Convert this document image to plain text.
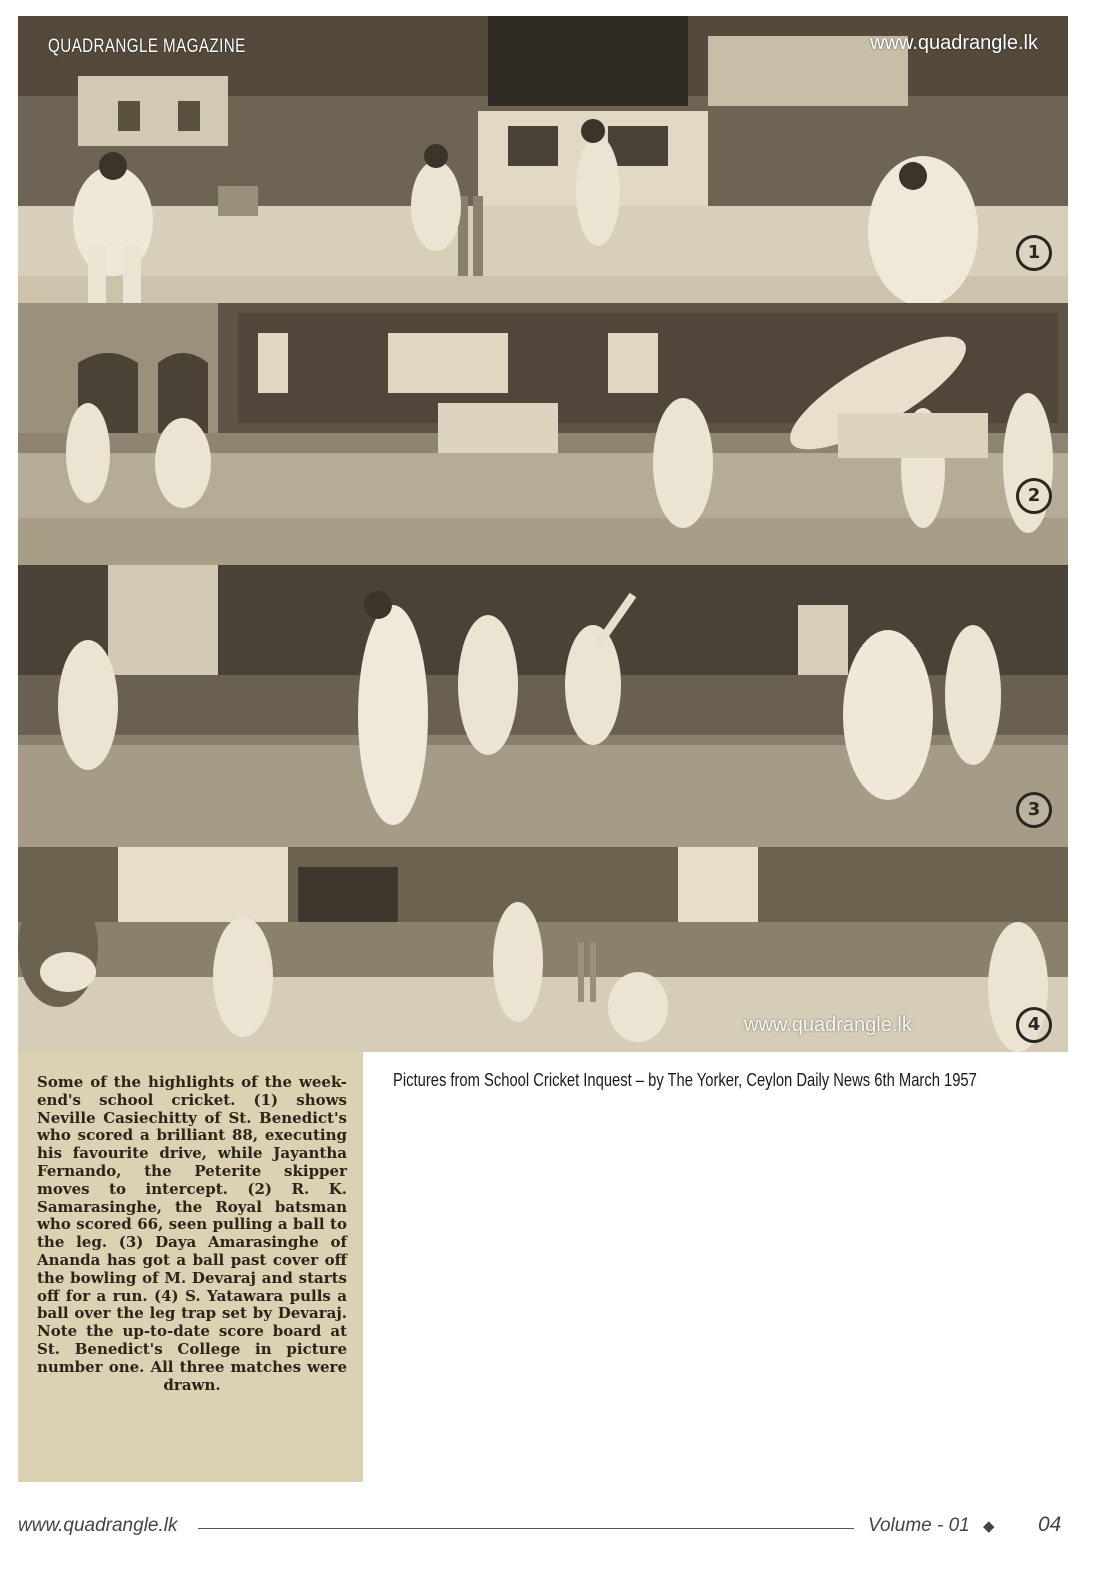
1
2
3
4
QUADRANGLE MAGAZINE	www.quadrangle.lk
www.quadrangle.lk

Some of the highlights of the week-end's school cricket. (1) shows Neville Casiechitty of St. Benedict's who scored a brilliant 88, executing his favourite drive, while Jayantha Fernando, the Peterite skipper moves to intercept. (2) R. K. Samarasinghe, the Royal batsman who scored 66, seen pulling a ball to the leg. (3) Daya Amarasinghe of Ananda has got a ball past cover off the bowling of M. Devaraj and starts off for a run. (4) S. Yatawara pulls a ball over the leg trap set by Devaraj. Note the up-to-date score board at St. Benedict's College in picture number one. All three matches were drawn.

Pictures from School Cricket Inquest – by The Yorker, Ceylon Daily News 6th March 1957
www.quadrangle.lk	Volume - 01 ◆ 04
